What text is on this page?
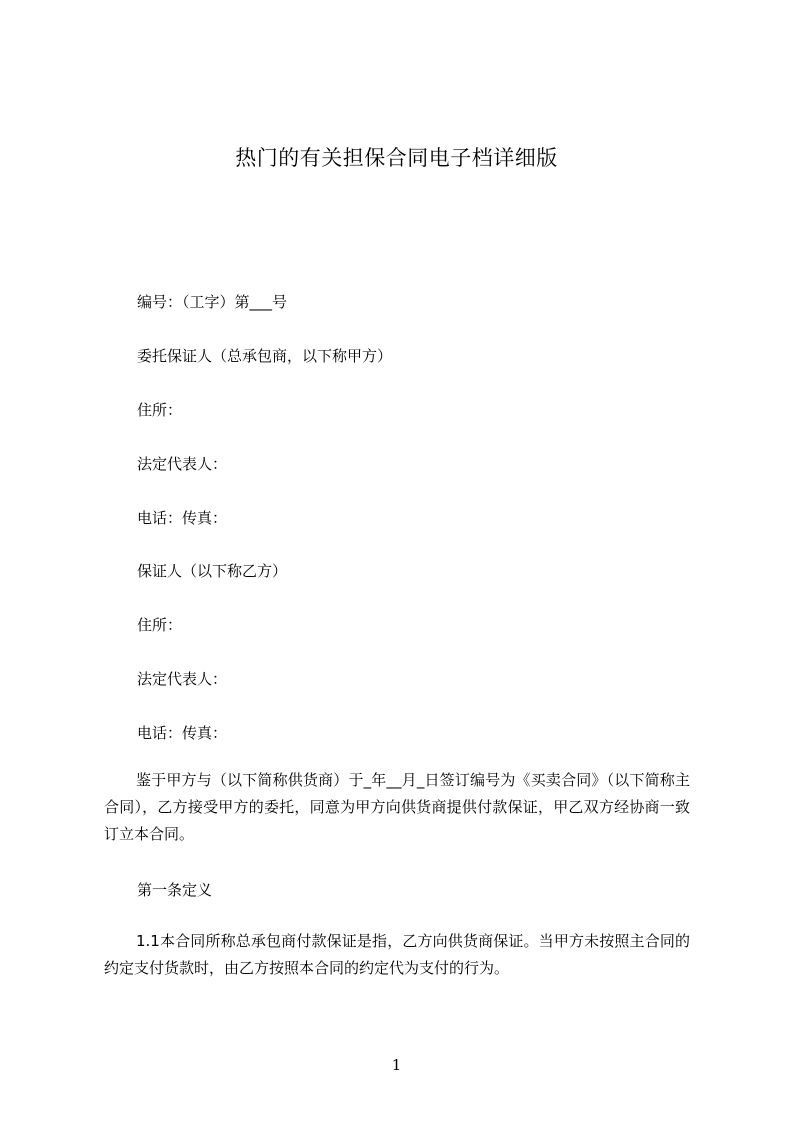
热门的有关担保合同电子档详细版
编号：（工字）第___号
委托保证人（总承包商，以下称甲方）
住所：
法定代表人：
电话：传真：
保证人（以下称乙方）
住所：
法定代表人：
电话：传真：
鉴于甲方与（以下简称供货商）于_年__月_日签订编号为《买卖合同》（以下简称主合同），乙方接受甲方的委托，同意为甲方向供货商提供付款保证，甲乙双方经协商一致订立本合同。
第一条定义
1.1本合同所称总承包商付款保证是指，乙方向供货商保证。当甲方未按照主合同的约定支付货款时，由乙方按照本合同的约定代为支付的行为。
1
